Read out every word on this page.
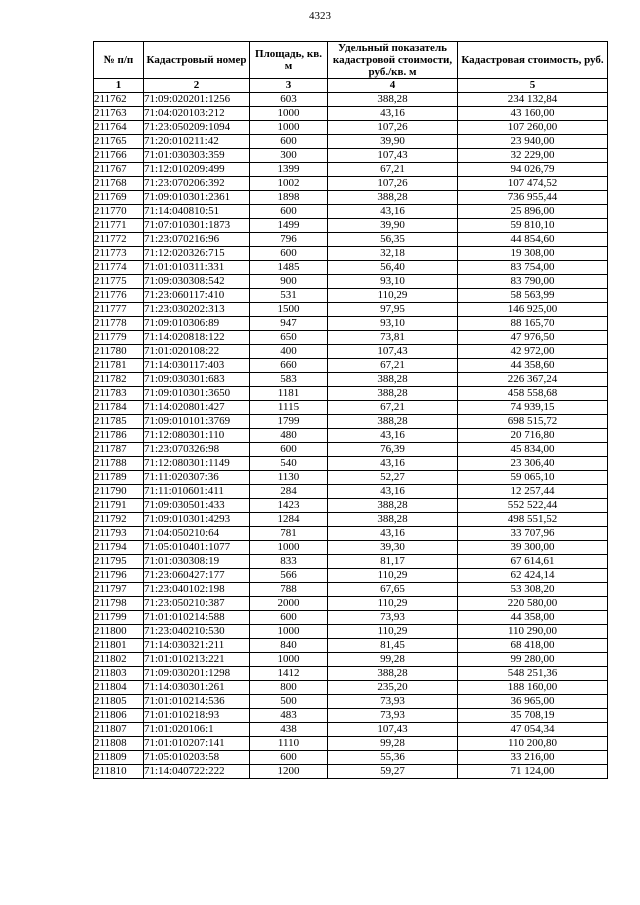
4323
№ п/п	Кадастровый номер	Площадь, кв. м	Удельный показатель кадастровой стоимости, руб./кв. м	Кадастровая стоимость, руб.
1	2	3	4	5
211762	71:09:020201:1256	603	388,28	234 132,84
211763	71:04:020103:212	1000	43,16	43 160,00
211764	71:23:050209:1094	1000	107,26	107 260,00
211765	71:20:010211:42	600	39,90	23 940,00
211766	71:01:030303:359	300	107,43	32 229,00
211767	71:12:010209:499	1399	67,21	94 026,79
211768	71:23:070206:392	1002	107,26	107 474,52
211769	71:09:010301:2361	1898	388,28	736 955,44
211770	71:14:040810:51	600	43,16	25 896,00
211771	71:07:010301:1873	1499	39,90	59 810,10
211772	71:23:070216:96	796	56,35	44 854,60
211773	71:12:020326:715	600	32,18	19 308,00
211774	71:01:010311:331	1485	56,40	83 754,00
211775	71:09:030308:542	900	93,10	83 790,00
211776	71:23:060117:410	531	110,29	58 563,99
211777	71:23:030202:313	1500	97,95	146 925,00
211778	71:09:010306:89	947	93,10	88 165,70
211779	71:14:020818:122	650	73,81	47 976,50
211780	71:01:020108:22	400	107,43	42 972,00
211781	71:14:030117:403	660	67,21	44 358,60
211782	71:09:030301:683	583	388,28	226 367,24
211783	71:09:010301:3650	1181	388,28	458 558,68
211784	71:14:020801:427	1115	67,21	74 939,15
211785	71:09:010101:3769	1799	388,28	698 515,72
211786	71:12:080301:110	480	43,16	20 716,80
211787	71:23:070326:98	600	76,39	45 834,00
211788	71:12:080301:1149	540	43,16	23 306,40
211789	71:11:020307:36	1130	52,27	59 065,10
211790	71:11:010601:411	284	43,16	12 257,44
211791	71:09:030501:433	1423	388,28	552 522,44
211792	71:09:010301:4293	1284	388,28	498 551,52
211793	71:04:050210:64	781	43,16	33 707,96
211794	71:05:010401:1077	1000	39,30	39 300,00
211795	71:01:030308:19	833	81,17	67 614,61
211796	71:23:060427:177	566	110,29	62 424,14
211797	71:23:040102:198	788	67,65	53 308,20
211798	71:23:050210:387	2000	110,29	220 580,00
211799	71:01:010214:588	600	73,93	44 358,00
211800	71:23:040210:530	1000	110,29	110 290,00
211801	71:14:030321:211	840	81,45	68 418,00
211802	71:01:010213:221	1000	99,28	99 280,00
211803	71:09:030201:1298	1412	388,28	548 251,36
211804	71:14:030301:261	800	235,20	188 160,00
211805	71:01:010214:536	500	73,93	36 965,00
211806	71:01:010218:93	483	73,93	35 708,19
211807	71:01:020106:1	438	107,43	47 054,34
211808	71:01:010207:141	1110	99,28	110 200,80
211809	71:05:010203:58	600	55,36	33 216,00
211810	71:14:040722:222	1200	59,27	71 124,00
